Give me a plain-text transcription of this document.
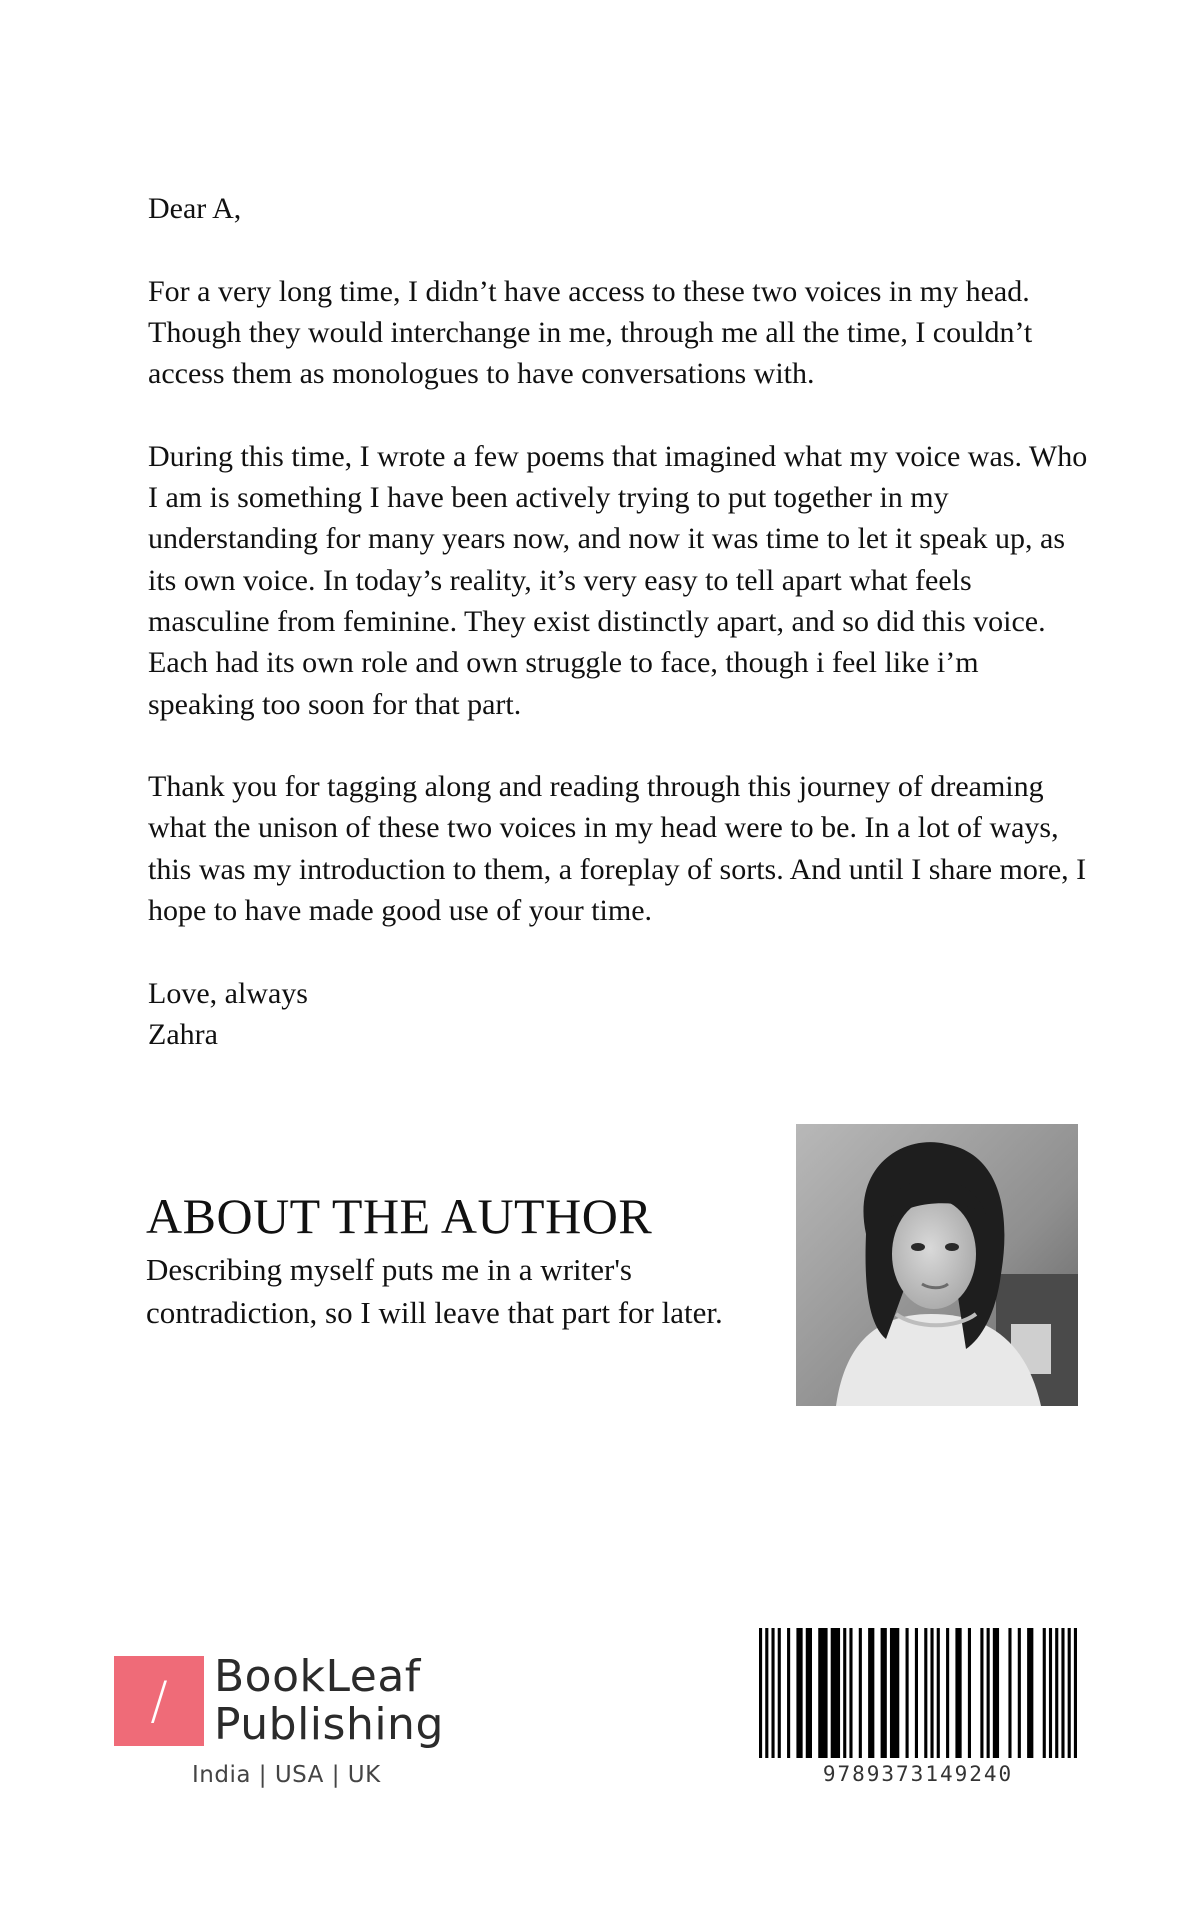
Dear A,

For a very long time, I didn’t have access to these two voices in my head. Though they would interchange in me, through me all the time, I couldn’t access them as monologues to have conversations with.

During this time, I wrote a few poems that imagined what my voice was. Who I am is something I have been actively trying to put together in my understanding for many years now, and now it was time to let it speak up, as its own voice. In today’s reality, it’s very easy to tell apart what feels masculine from feminine. They exist distinctly apart, and so did this voice. Each had its own role and own struggle to face, though i feel like i’m speaking too soon for that part.

Thank you for tagging along and reading through this journey of dreaming what the unison of these two voices in my head were to be. In a lot of ways, this was my introduction to them, a foreplay of sorts. And until I share more, I hope to have made good use of your time.

Love, always

Zahra

ABOUT THE AUTHOR
Describing myself puts me in a writer's
contradiction, so I will leave that part for later.
/	BookLeaf
Publishing
India | USA | UK	9789373149240
